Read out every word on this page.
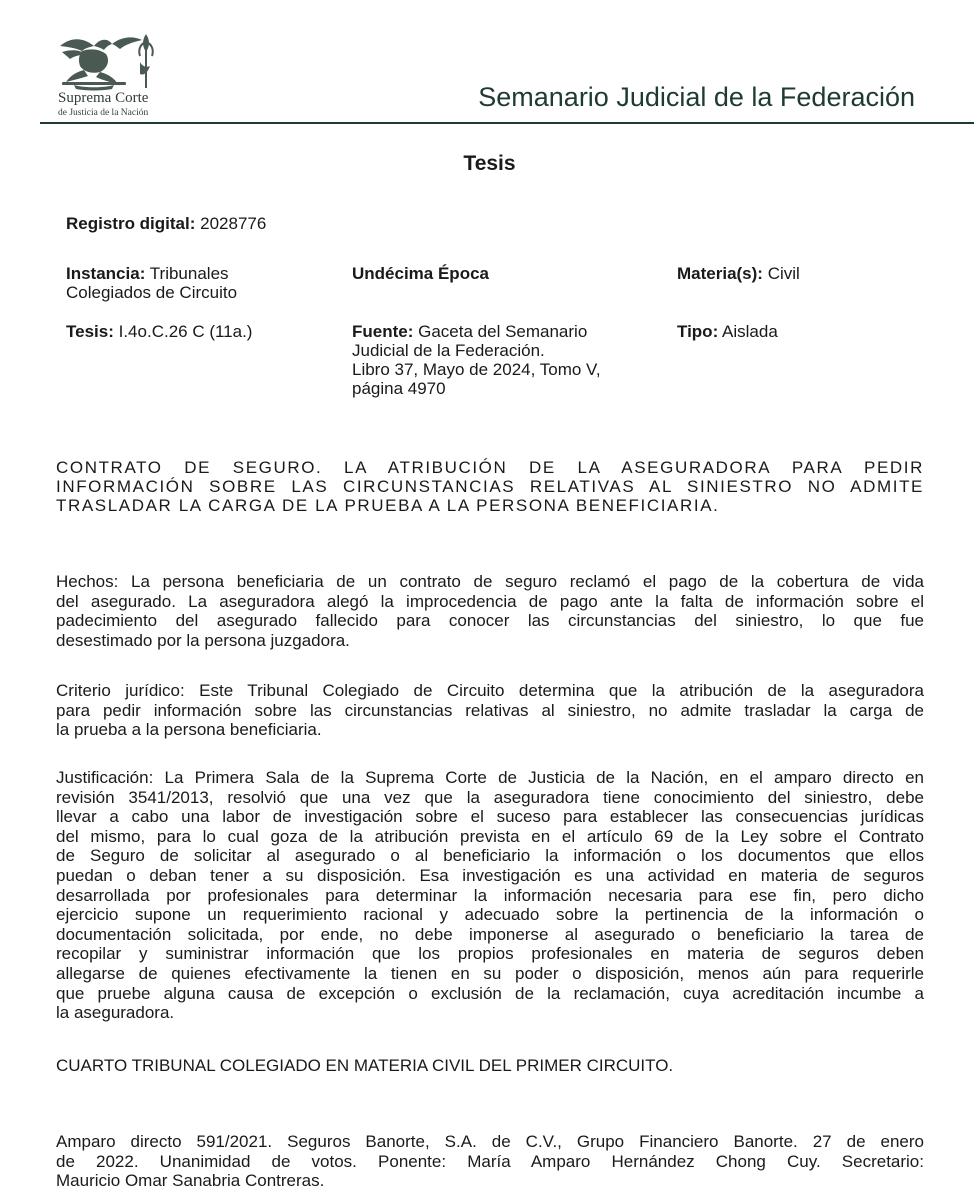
Suprema Corte
de Justicia de la Nación
Semanario Judicial de la Federación
Tesis
Registro digital: 2028776
Instancia: Tribunales
Colegiados de Circuito
Undécima Época	Materia(s): Civil
Tesis: I.4o.C.26 C (11a.)	Fuente: Gaceta del Semanario
Judicial de la Federación.
Libro 37, Mayo de 2024, Tomo V,
página 4970
Tipo: Aislada
CONTRATO DE SEGURO. LA ATRIBUCIÓN DE LA ASEGURADORA PARA PEDIR
INFORMACIÓN SOBRE LAS CIRCUNSTANCIAS RELATIVAS AL SINIESTRO NO ADMITE
TRASLADAR LA CARGA DE LA PRUEBA A LA PERSONA BENEFICIARIA.
Hechos: La persona beneficiaria de un contrato de seguro reclamó el pago de la cobertura de vida
del asegurado. La aseguradora alegó la improcedencia de pago ante la falta de información sobre el
padecimiento del asegurado fallecido para conocer las circunstancias del siniestro, lo que fue
desestimado por la persona juzgadora.
Criterio jurídico: Este Tribunal Colegiado de Circuito determina que la atribución de la aseguradora
para pedir información sobre las circunstancias relativas al siniestro, no admite trasladar la carga de
la prueba a la persona beneficiaria.
Justificación: La Primera Sala de la Suprema Corte de Justicia de la Nación, en el amparo directo en
revisión 3541/2013, resolvió que una vez que la aseguradora tiene conocimiento del siniestro, debe
llevar a cabo una labor de investigación sobre el suceso para establecer las consecuencias jurídicas
del mismo, para lo cual goza de la atribución prevista en el artículo 69 de la Ley sobre el Contrato
de Seguro de solicitar al asegurado o al beneficiario la información o los documentos que ellos
puedan o deban tener a su disposición. Esa investigación es una actividad en materia de seguros
desarrollada por profesionales para determinar la información necesaria para ese fin, pero dicho
ejercicio supone un requerimiento racional y adecuado sobre la pertinencia de la información o
documentación solicitada, por ende, no debe imponerse al asegurado o beneficiario la tarea de
recopilar y suministrar información que los propios profesionales en materia de seguros deben
allegarse de quienes efectivamente la tienen en su poder o disposición, menos aún para requerirle
que pruebe alguna causa de excepción o exclusión de la reclamación, cuya acreditación incumbe a
la aseguradora.
CUARTO TRIBUNAL COLEGIADO EN MATERIA CIVIL DEL PRIMER CIRCUITO.
Amparo directo 591/2021. Seguros Banorte, S.A. de C.V., Grupo Financiero Banorte. 27 de enero
de 2022. Unanimidad de votos. Ponente: María Amparo Hernández Chong Cuy. Secretario:
Mauricio Omar Sanabria Contreras.
